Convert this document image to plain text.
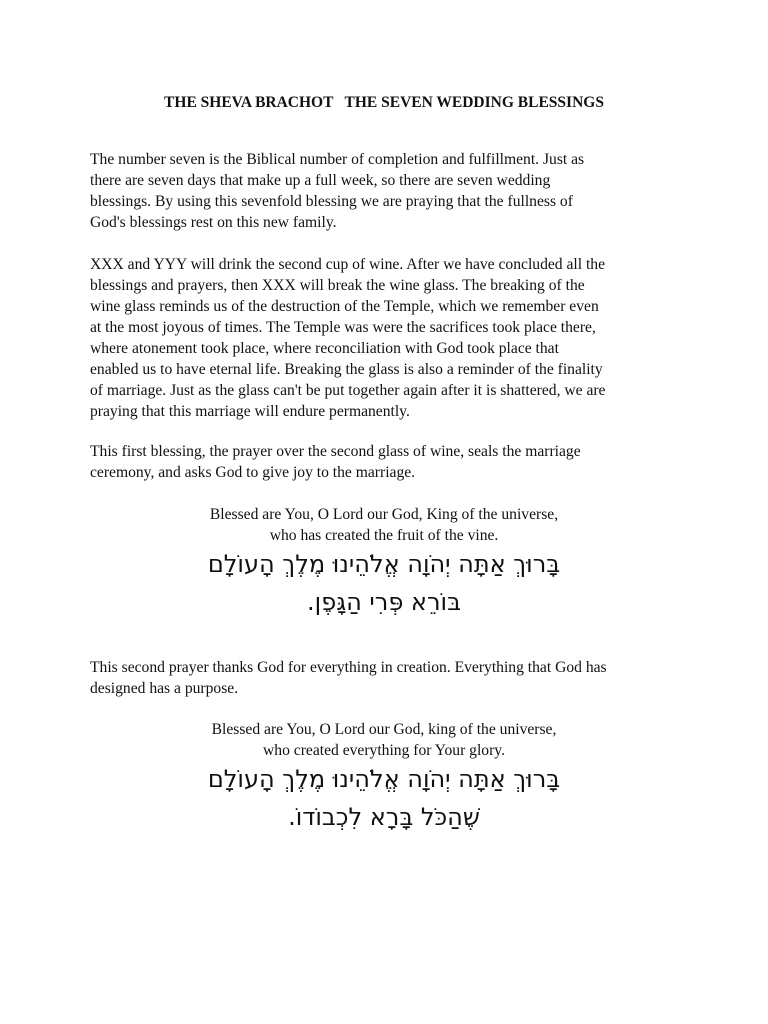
THE SHEVA BRACHOT   THE SEVEN WEDDING BLESSINGS

The number seven is the Biblical number of completion and fulfillment. Just as
there are seven days that make up a full week, so there are seven wedding
blessings. By using this sevenfold blessing we are praying that the fullness of
God's blessings rest on this new family.

XXX and YYY will drink the second cup of wine. After we have concluded all the
blessings and prayers, then XXX will break the wine glass. The breaking of the
wine glass reminds us of the destruction of the Temple, which we remember even
at the most joyous of times. The Temple was were the sacrifices took place there,
where atonement took place, where reconciliation with God took place that
enabled us to have eternal life. Breaking the glass is also a reminder of the finality
of marriage. Just as the glass can't be put together again after it is shattered, we are
praying that this marriage will endure permanently.

This first blessing, the prayer over the second glass of wine, seals the marriage
ceremony, and asks God to give joy to the marriage.

Blessed are You, O Lord our God, King of the universe,
who has created the fruit of the vine.

בָּרוּךְ אַתָּה יְהֹוָה אֱלֹהֵינוּ מֶלֶךְ הָעוֹלָם
בּוֹרֵא פְּרִי הַגָּפֶן.

This second prayer thanks God for everything in creation. Everything that God has
designed has a purpose.

Blessed are You, O Lord our God, king of the universe,
who created everything for Your glory.

בָּרוּךְ אַתָּה יְהֹוָה אֱלֹהֵינוּ מֶלֶךְ הָעוֹלָם
שֶׁהַכֹּל בָּרָא לִכְבוֹדוֹ.
